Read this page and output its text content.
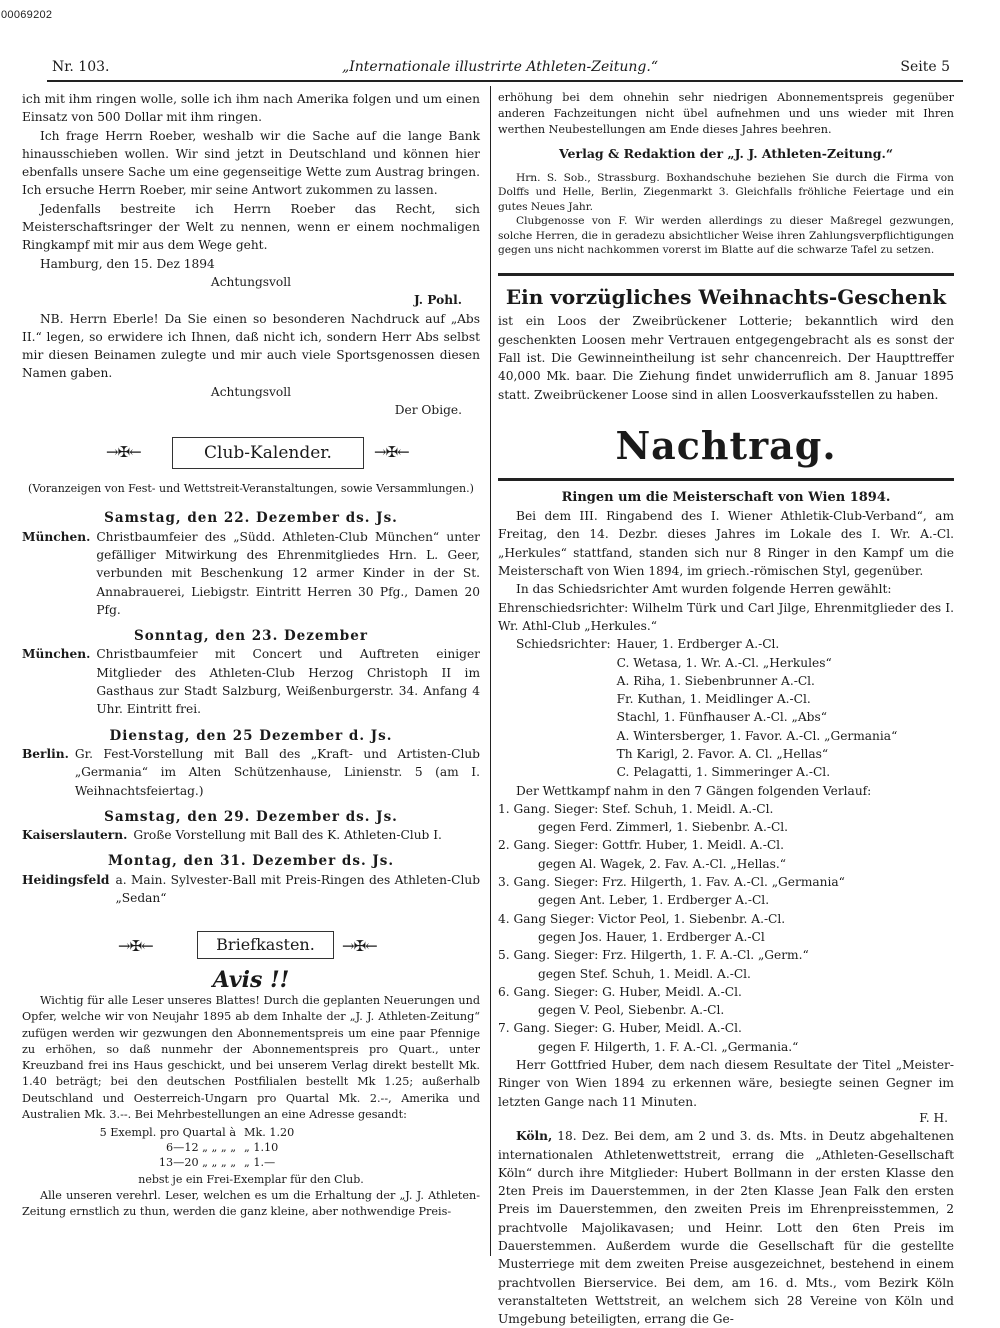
00069202
Nr. 103.	„Internationale illustrirte Athleten-Zeitung.“	Seite 5

ich mit ihm ringen wolle, solle ich ihm nach Amerika folgen und um einen Einsatz von 500 Dollar mit ihm ringen.

Ich frage Herrn Roeber, weshalb wir die Sache auf die lange Bank hinausschieben wollen. Wir sind jetzt in Deutschland und können hier ebenfalls unsere Sache um eine gegenseitige Wette zum Austrag bringen. Ich ersuche Herrn Roeber, mir seine Antwort zukommen zu lassen.

Jedenfalls bestreite ich Herrn Roeber das Recht, sich Meisterschaftsringer der Welt zu nennen, wenn er einem nochmaligen Ringkampf mit mir aus dem Wege geht.

Hamburg, den 15. Dez 1894

Achtungsvoll

J. Pohl.

NB. Herrn Eberle! Da Sie einen so besonderen Nachdruck auf „Abs II.“ legen, so erwidere ich Ihnen, daß nicht ich, sondern Herr Abs selbst mir diesen Beinamen zulegte und mir auch viele Sportsgenossen diesen Namen gaben.

Achtungsvoll

Der Obige.

→✠←	Club-Kalender.	→✠←

(Voranzeigen von Fest- und Wettstreit-Veranstaltungen, sowie Versammlungen.)

Samstag, den 22. Dezember ds. Js.
München. Christbaumfeier des „Südd. Athleten-Club München“ unter gefälliger Mitwirkung des Ehrenmitgliedes Hrn. L. Geer, verbunden mit Beschenkung 12 armer Kinder in der St. Annabrauerei, Liebigstr. Eintritt Herren 30 Pfg., Damen 20 Pfg.
Sonntag, den 23. Dezember
München. Christbaumfeier mit Concert und Auftreten einiger Mitglieder des Athleten-Club Herzog Christoph II im Gasthaus zur Stadt Salzburg, Weißenburgerstr. 34. Anfang 4 Uhr. Eintritt frei.
Dienstag, den 25 Dezember d. Js.
Berlin. Gr. Fest-Vorstellung mit Ball des „Kraft- und Artisten-Club „Germania“ im Alten Schützenhause, Linienstr. 5 (am I. Weihnachtsfeiertag.)
Samstag, den 29. Dezember ds. Js.
Kaiserslautern. Große Vorstellung mit Ball des K. Athleten-Club I.
Montag, den 31. Dezember ds. Js.
Heidingsfeld a. Main. Sylvester-Ball mit Preis-Ringen des Athleten-Club „Sedan“
→✠←	Briefkasten.	→✠←
Avis !!

Wichtig für alle Leser unseres Blattes! Durch die geplanten Neuerungen und Opfer, welche wir von Neujahr 1895 ab dem Inhalte der „J. J. Athleten-Zeitung“ zufügen werden wir gezwungen den Abonnementspreis um eine paar Pfennige zu erhöhen, so daß nunmehr der Abonnementspreis pro Quart., unter Kreuzband frei ins Haus geschickt, und bei unserem Verlag direkt bestellt Mk. 1.40 beträgt; bei den deutschen Postfilialen bestellt Mk 1.25; außerhalb Deutschland und Oesterreich-Ungarn pro Quartal Mk. 2.--, Amerika und Australien Mk. 3.--. Bei Mehrbestellungen an eine Adresse gesandt:

5 Exempl. pro Quartal à Mk. 1.20
6—12 „ „ „ „ „ 1.10
13—20 „ „ „ „ „ 1.—

nebst je ein Frei-Exemplar für den Club.

Alle unseren verehrl. Leser, welchen es um die Erhaltung der „J. J. Athleten-Zeitung ernstlich zu thun, werden die ganz kleine, aber nothwendige Preis-

erhöhung bei dem ohnehin sehr niedrigen Abonnementspreis gegenüber anderen Fachzeitungen nicht übel aufnehmen und uns wieder mit Ihren werthen Neubestellungen am Ende dieses Jahres beehren.

Verlag & Redaktion der „J. J. Athleten-Zeitung.“

Hrn. S. Sob., Strassburg. Boxhandschuhe beziehen Sie durch die Firma von Dolffs und Helle, Berlin, Ziegenmarkt 3. Gleichfalls fröhliche Feiertage und ein gutes Neues Jahr.

Clubgenosse von F. Wir werden allerdings zu dieser Maßregel gezwungen, solche Herren, die in geradezu absichtlicher Weise ihren Zahlungsverpflichtigungen gegen uns nicht nachkommen vorerst im Blatte auf die schwarze Tafel zu setzen.

Ein vorzügliches Weihnachts-Geschenk

ist ein Loos der Zweibrückener Lotterie; bekanntlich wird den geschenkten Loosen mehr Vertrauen entgegengebracht als es sonst der Fall ist. Die Gewinneintheilung ist sehr chancenreich. Der Haupttreffer 40,000 Mk. baar. Die Ziehung findet unwiderruflich am 8. Januar 1895 statt. Zweibrückener Loose sind in allen Loosverkaufsstellen zu haben.

Nachtrag.
Ringen um die Meisterschaft von Wien 1894.

Bei dem III. Ringabend des I. Wiener Athletik-Club-Verband“, am Freitag, den 14. Dezbr. dieses Jahres im Lokale des I. Wr. A.-Cl. „Herkules“ stattfand, standen sich nur 8 Ringer in den Kampf um die Meisterschaft von Wien 1894, im griech.-römischen Styl, gegenüber.

In das Schiedsrichter Amt wurden folgende Herren gewählt:

Ehrenschiedsrichter: Wilhelm Türk und Carl Jilge, Ehrenmitglieder des I. Wr. Athl-Club „Herkules.“

Schiedsrichter: Hauer, 1. Erdberger A.-Cl.
C. Wetasa, 1. Wr. A.-Cl. „Herkules“
A. Riha, 1. Siebenbrunner A.-Cl.
Fr. Kuthan, 1. Meidlinger A.-Cl.
Stachl, 1. Fünfhauser A.-Cl. „Abs“
A. Wintersberger, 1. Favor. A.-Cl. „Germania“
Th Karigl, 2. Favor. A. Cl. „Hellas“
C. Pelagatti, 1. Simmeringer A.-Cl.

Der Wettkampf nahm in den 7 Gängen folgenden Verlauf:

1. Gang. Sieger: Stef. Schuh, 1. Meidl. A.-Cl.
gegen Ferd. Zimmerl, 1. Siebenbr. A.-Cl.
2. Gang. Sieger: Gottfr. Huber, 1. Meidl. A.-Cl.
gegen Al. Wagek, 2. Fav. A.-Cl. „Hellas.“
3. Gang. Sieger: Frz. Hilgerth, 1. Fav. A.-Cl. „Germania“
gegen Ant. Leber, 1. Erdberger A.-Cl.
4. Gang Sieger: Victor Peol, 1. Siebenbr. A.-Cl.
gegen Jos. Hauer, 1. Erdberger A.-Cl
5. Gang. Sieger: Frz. Hilgerth, 1. F. A.-Cl. „Germ.“
gegen Stef. Schuh, 1. Meidl. A.-Cl.
6. Gang. Sieger: G. Huber, Meidl. A.-Cl.
gegen V. Peol, Siebenbr. A.-Cl.
7. Gang. Sieger: G. Huber, Meidl. A.-Cl.
gegen F. Hilgerth, 1. F. A.-Cl. „Germania.“

Herr Gottfried Huber, dem nach diesem Resultate der Titel „Meister-Ringer von Wien 1894 zu erkennen wäre, besiegte seinen Gegner im letzten Gange nach 11 Minuten.

F. H.

Köln, 18. Dez. Bei dem, am 2 und 3. ds. Mts. in Deutz abgehaltenen internationalen Athletenwettstreit, errang die „Athleten-Gesellschaft Köln“ durch ihre Mitglieder: Hubert Bollmann in der ersten Klasse den 2ten Preis im Dauerstemmen, in der 2ten Klasse Jean Falk den ersten Preis im Dauerstemmen, den zweiten Preis im Ehrenpreisstemmen, 2 prachtvolle Majolikavasen; und Heinr. Lott den 6ten Preis im Dauerstemmen. Außerdem wurde die Gesellschaft für die gestellte Musterriege mit dem zweiten Preise ausgezeichnet, bestehend in einem prachtvollen Bierservice. Bei dem, am 16. d. Mts., vom Bezirk Köln veranstalteten Wettstreit, an welchem sich 28 Vereine von Köln und Umgebung beteiligten, errang die Ge-
